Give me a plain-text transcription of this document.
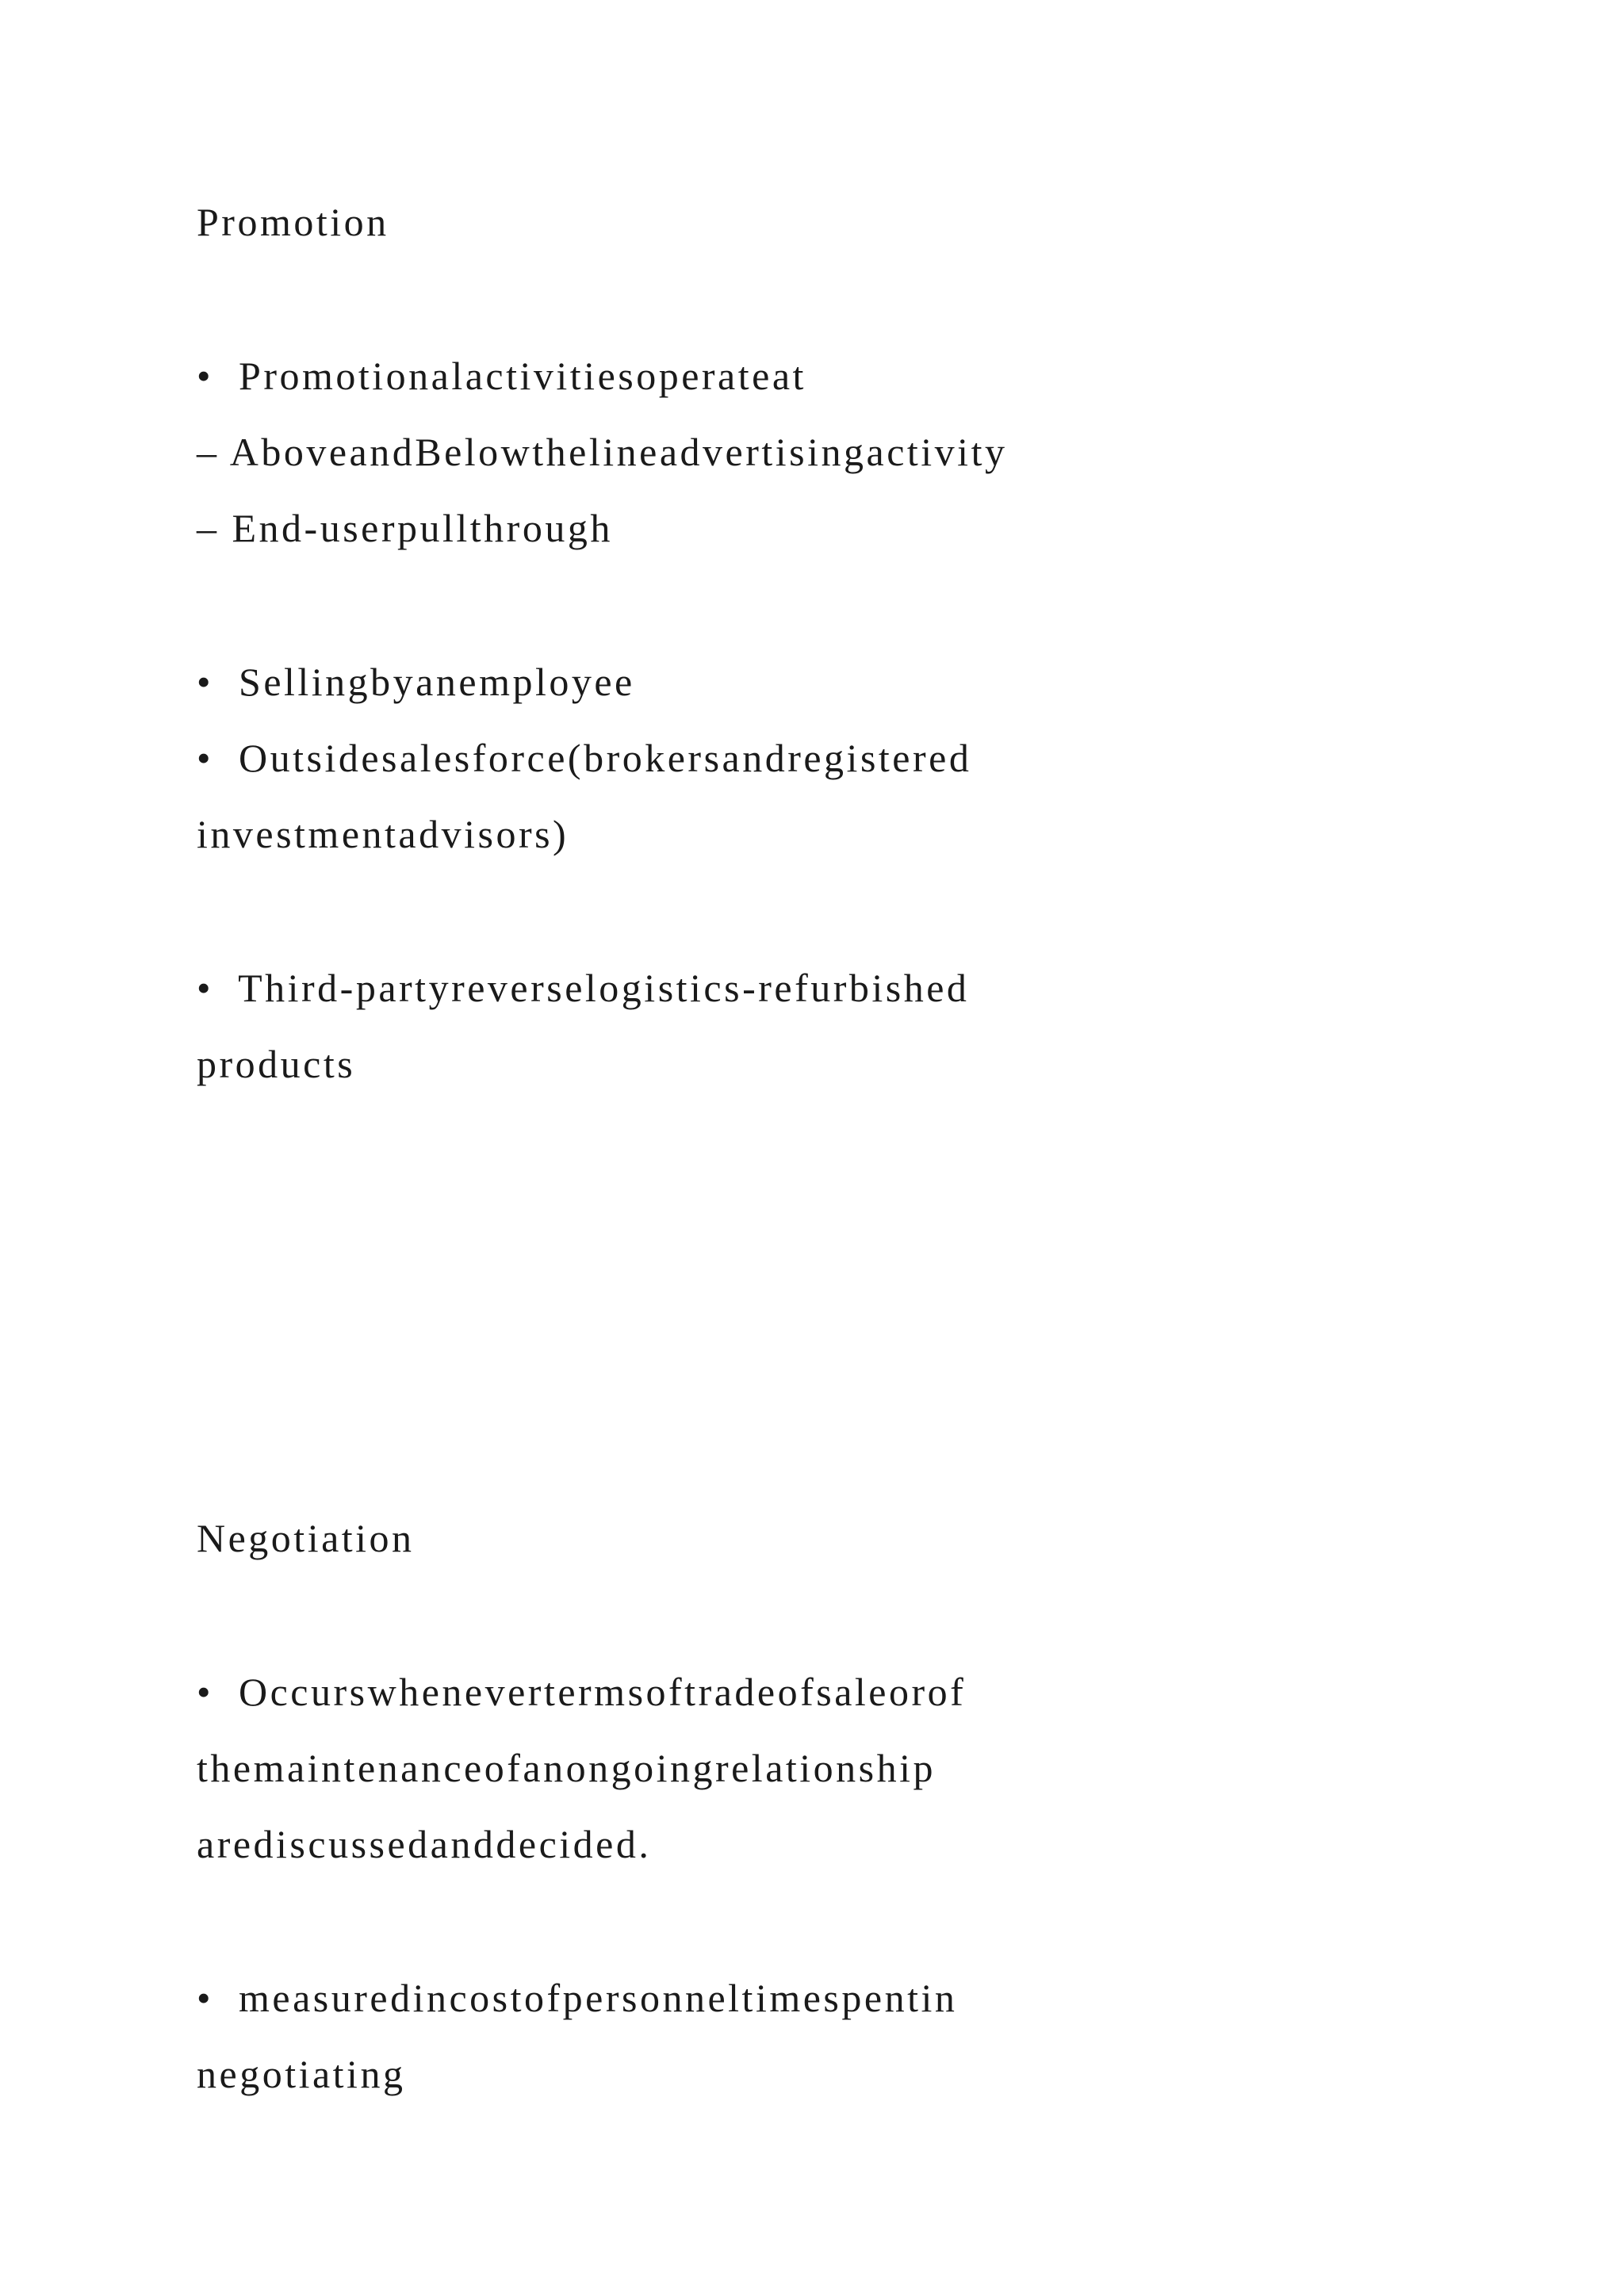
Promotion

•  Promotionalactivitiesoperateat

– AboveandBelowthelineadvertisingactivity

– End-userpullthrough

•  Sellingbyanemployee

•  Outsidesalesforce(brokersandregistered

investmentadvisors)

•  Third-partyreverselogistics-refurbished

products

Negotiation

•  Occurswhenevertermsoftradeofsaleorof

themaintenanceofanongoingrelationship

arediscussedanddecided.

•  measuredincostofpersonneltimespentin

negotiating
